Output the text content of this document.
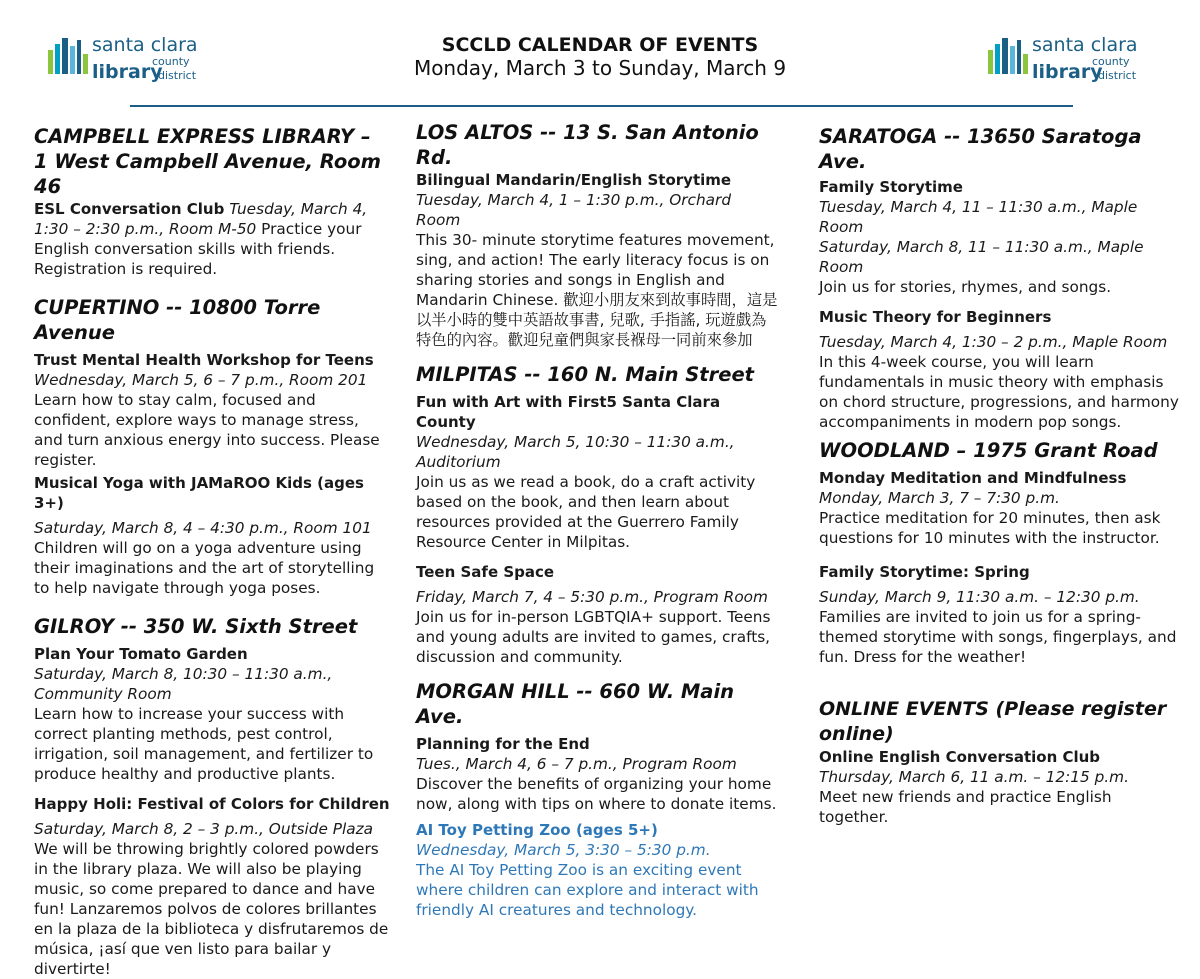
santa clara
county
library
district
santa clara
county
library
district
SCCLD CALENDAR OF EVENTS
Monday, March 3 to Sunday, March 9
CAMPBELL EXPRESS LIBRARY – 1 West Campbell Avenue, Room 46

ESL Conversation Club Tuesday, March 4, 1:30 – 2:30 p.m., Room M-50 Practice your English conversation skills with friends. Registration is required.

CUPERTINO -- 10800 Torre Avenue

Trust Mental Health Workshop for Teens

Wednesday, March 5, 6 – 7 p.m., Room 201

Learn how to stay calm, focused and confident, explore ways to manage stress, and turn anxious energy into success. Please register.

Musical Yoga with JAMaROO Kids (ages 3+)

Saturday, March 8, 4 – 4:30 p.m., Room 101

Children will go on a yoga adventure using their imaginations and the art of storytelling to help navigate through yoga poses.

GILROY -- 350 W. Sixth Street

Plan Your Tomato Garden

Saturday, March 8, 10:30 – 11:30 a.m., Community Room

Learn how to increase your success with correct planting methods, pest control, irrigation, soil management, and fertilizer to produce healthy and productive plants.

Happy Holi: Festival of Colors for Children

Saturday, March 8, 2 – 3 p.m., Outside Plaza

We will be throwing brightly colored powders in the library plaza. We will also be playing music, so come prepared to dance and have fun! Lanzaremos polvos de colores brillantes en la plaza de la biblioteca y disfrutaremos de música, ¡así que ven listo para bailar y divertirte!

LOS ALTOS -- 13 S. San Antonio Rd.

Bilingual Mandarin/English Storytime

Tuesday, March 4, 1 – 1:30 p.m., Orchard Room

This 30- minute storytime features movement, sing, and action! The early literacy focus is on sharing stories and songs in English and Mandarin Chinese. 歡迎小朋友來到故事時間，這是以半小時的雙中英語故事書, 兒歌, 手指謠, 玩遊戲為特色的內容。歡迎兒童們與家長褓母一同前來參加

MILPITAS -- 160 N. Main Street

Fun with Art with First5 Santa Clara County

Wednesday, March 5, 10:30 – 11:30 a.m., Auditorium

Join us as we read a book, do a craft activity based on the book, and then learn about resources provided at the Guerrero Family Resource Center in Milpitas.

Teen Safe Space

Friday, March 7, 4 – 5:30 p.m., Program Room

Join us for in-person LGBTQIA+ support. Teens and young adults are invited to games, crafts, discussion and community.

MORGAN HILL -- 660 W. Main Ave.

Planning for the End

Tues., March 4, 6 – 7 p.m., Program Room

Discover the benefits of organizing your home now, along with tips on where to donate items.

AI Toy Petting Zoo (ages 5+)

Wednesday, March 5, 3:30 – 5:30 p.m.

The AI Toy Petting Zoo is an exciting event where children can explore and interact with friendly AI creatures and technology.

SARATOGA -- 13650 Saratoga Ave.

Family Storytime

Tuesday, March 4, 11 – 11:30 a.m., Maple Room

Saturday, March 8, 11 – 11:30 a.m., Maple Room

Join us for stories, rhymes, and songs.

Music Theory for Beginners

Tuesday, March 4, 1:30 – 2 p.m., Maple Room

In this 4-week course, you will learn fundamentals in music theory with emphasis on chord structure, progressions, and harmony accompaniments in modern pop songs.

WOODLAND – 1975 Grant Road

Monday Meditation and Mindfulness

Monday, March 3, 7 – 7:30 p.m.

Practice meditation for 20 minutes, then ask questions for 10 minutes with the instructor.

Family Storytime: Spring

Sunday, March 9, 11:30 a.m. – 12:30 p.m.

Families are invited to join us for a spring-themed storytime with songs, fingerplays, and fun. Dress for the weather!

ONLINE EVENTS (Please register online)

Online English Conversation Club

Thursday, March 6, 11 a.m. – 12:15 p.m.

Meet new friends and practice English together.
